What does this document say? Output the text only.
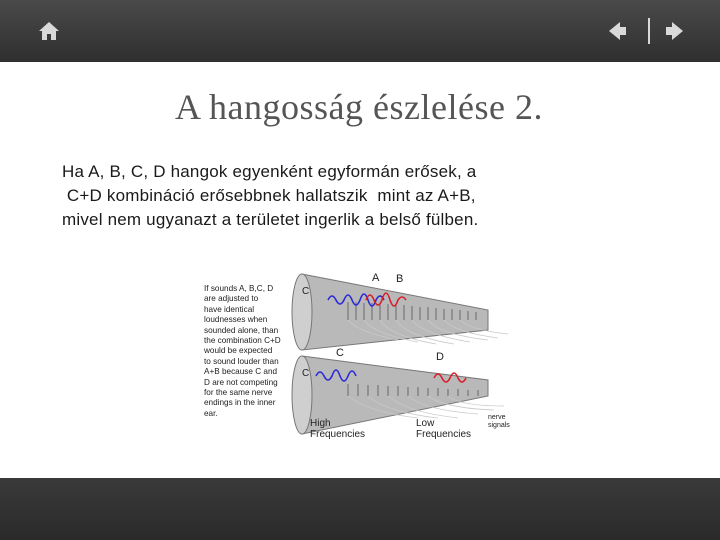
A hangosság észlelése 2.
Ha A, B, C, D hangok egyenként egyformán erősek, a
C+D kombináció erősebbnek hallatszik  mint az A+B,
mivel nem ugyanazt a területet ingerlik a belső fülben.
If sounds A, B,C, D
are adjusted to
have identical
loudnesses when
sounded alone, than
the combination C+D
would be expected
to sound louder than
A+B because C and
D are not competing
for the same nerve
endings in the inner
ear.
A B
C
C	D
C
High
Frequencies
Low
Frequencies
nerve
signals
